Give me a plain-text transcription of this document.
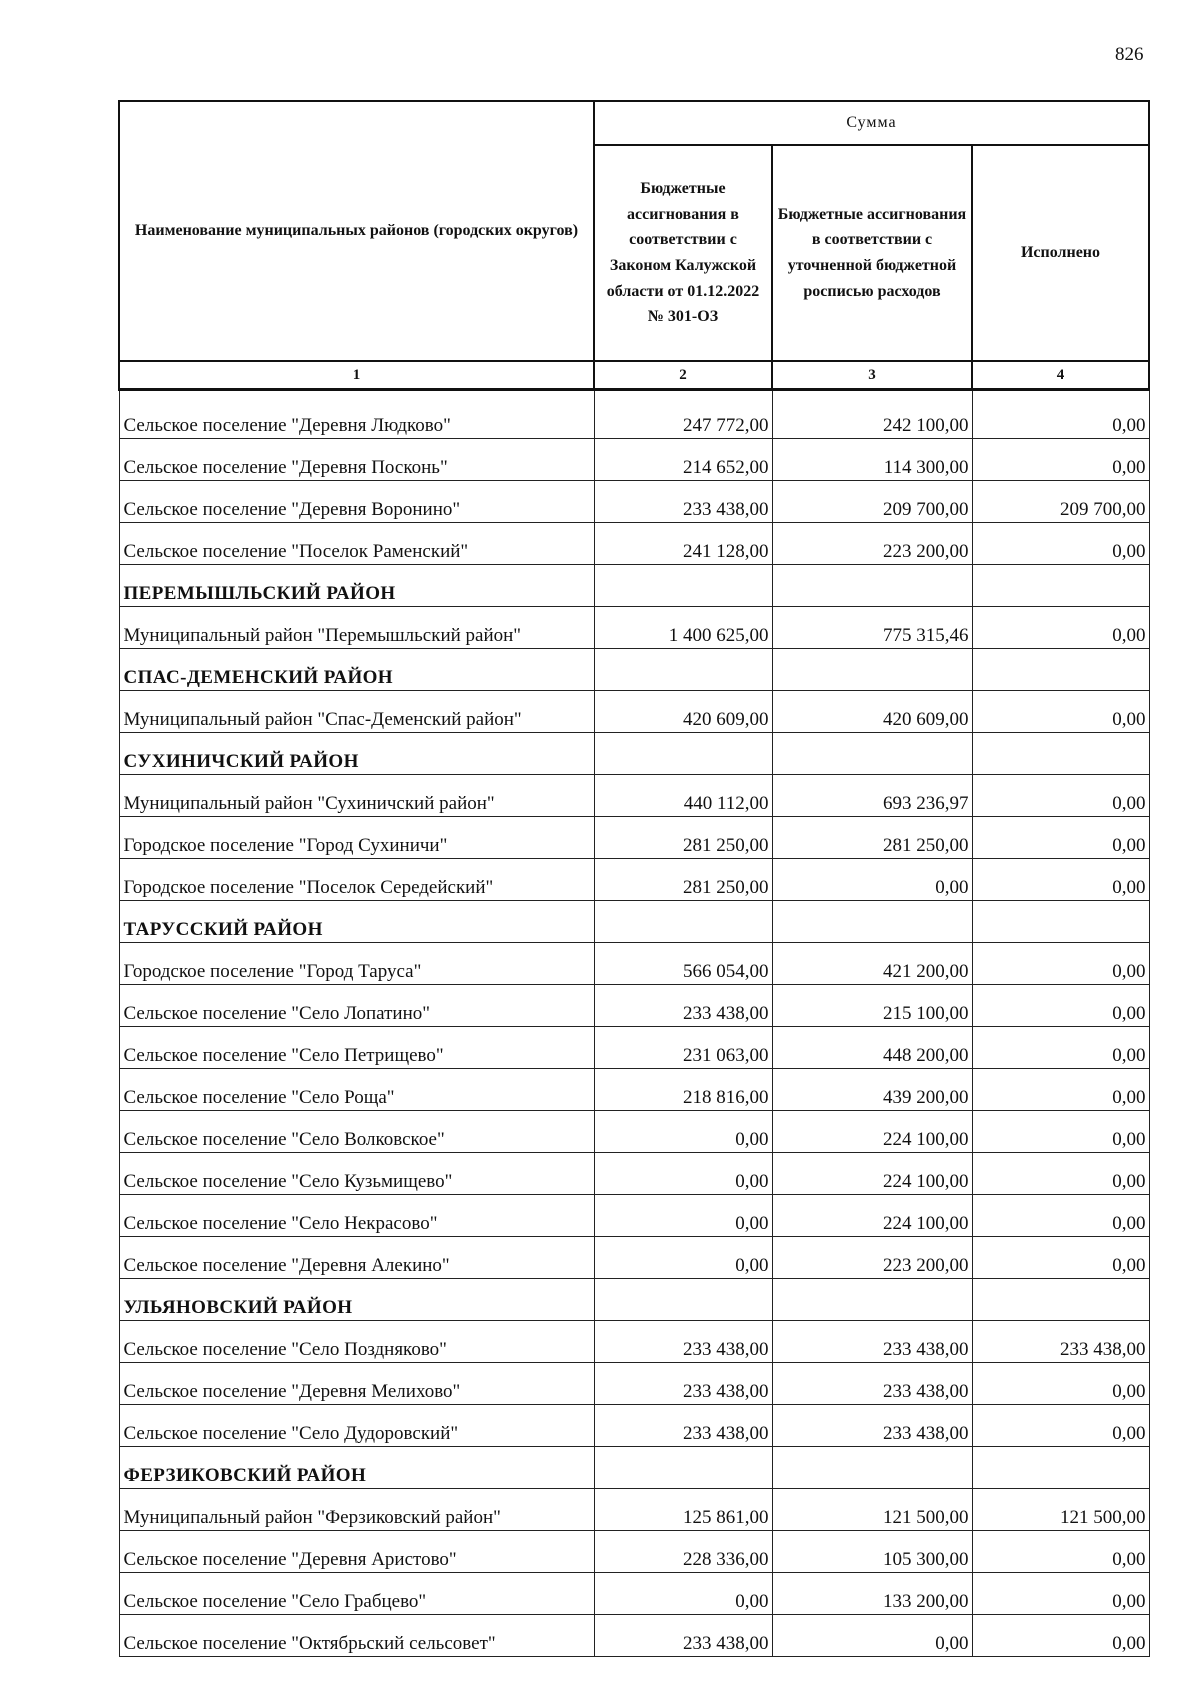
826
Наименование муниципальных районов (городских округов)	Сумма		
	Бюджетные ассигнования в соответствии с Законом Калужской области от 01.12.2022 № 301-ОЗ	Бюджетные ассигнования в соответствии с уточненной бюджетной росписью расходов	Исполнено
1	2	3	4
Сельское поселение "Деревня Людково"	247 772,00	242 100,00	0,00
Сельское поселение "Деревня Посконь"	214 652,00	114 300,00	0,00
Сельское поселение "Деревня Воронино"	233 438,00	209 700,00	209 700,00
Сельское поселение "Поселок Раменский"	241 128,00	223 200,00	0,00
ПЕРЕМЫШЛЬСКИЙ РАЙОН			
Муниципальный район "Перемышльский район"	1 400 625,00	775 315,46	0,00
СПАС-ДЕМЕНСКИЙ РАЙОН			
Муниципальный район "Спас-Деменский район"	420 609,00	420 609,00	0,00
СУХИНИЧСКИЙ РАЙОН			
Муниципальный район "Сухиничский район"	440 112,00	693 236,97	0,00
Городское поселение "Город Сухиничи"	281 250,00	281 250,00	0,00
Городское поселение "Поселок Середейский"	281 250,00	0,00	0,00
ТАРУССКИЙ РАЙОН			
Городское поселение "Город Таруса"	566 054,00	421 200,00	0,00
Сельское поселение "Село Лопатино"	233 438,00	215 100,00	0,00
Сельское поселение "Село Петрищево"	231 063,00	448 200,00	0,00
Сельское поселение "Село Роща"	218 816,00	439 200,00	0,00
Сельское поселение "Село Волковское"	0,00	224 100,00	0,00
Сельское поселение "Село Кузьмищево"	0,00	224 100,00	0,00
Сельское поселение "Село Некрасово"	0,00	224 100,00	0,00
Сельское поселение "Деревня Алекино"	0,00	223 200,00	0,00
УЛЬЯНОВСКИЙ РАЙОН			
Сельское поселение "Село Поздняково"	233 438,00	233 438,00	233 438,00
Сельское поселение "Деревня Мелихово"	233 438,00	233 438,00	0,00
Сельское поселение "Село Дудоровский"	233 438,00	233 438,00	0,00
ФЕРЗИКОВСКИЙ РАЙОН			
Муниципальный район "Ферзиковский район"	125 861,00	121 500,00	121 500,00
Сельское поселение "Деревня Аристово"	228 336,00	105 300,00	0,00
Сельское поселение "Село Грабцево"	0,00	133 200,00	0,00
Сельское поселение "Октябрьский сельсовет"	233 438,00	0,00	0,00
